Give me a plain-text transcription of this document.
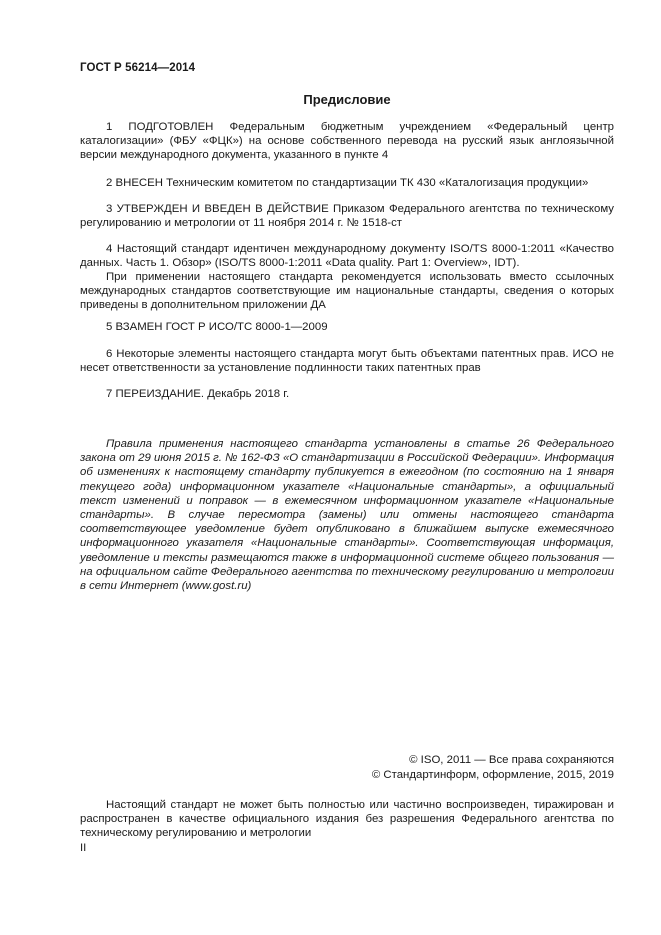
ГОСТ Р 56214—2014
Предисловие

1 ПОДГОТОВЛЕН Федеральным бюджетным учреждением «Федеральный центр каталогизации» (ФБУ «ФЦК») на основе собственного перевода на русский язык англоязычной версии международного документа, указанного в пункте 4

2 ВНЕСЕН Техническим комитетом по стандартизации ТК 430 «Каталогизация продукции»

3 УТВЕРЖДЕН И ВВЕДЕН В ДЕЙСТВИЕ Приказом Федерального агентства по техническому регулированию и метрологии от 11 ноября 2014 г. № 1518-ст

4 Настоящий стандарт идентичен международному документу ISO/TS 8000-1:2011 «Качество данных. Часть 1. Обзор» (ISO/TS 8000-1:2011 «Data quality. Part 1: Overview», IDT).

При применении настоящего стандарта рекомендуется использовать вместо ссылочных международных стандартов соответствующие им национальные стандарты, сведения о которых приведены в дополнительном приложении ДА

5 ВЗАМЕН ГОСТ Р ИСО/ТС 8000-1—2009

6 Некоторые элементы настоящего стандарта могут быть объектами патентных прав. ИСО не несет ответственности за установление подлинности таких патентных прав

7 ПЕРЕИЗДАНИЕ. Декабрь 2018 г.

Правила применения настоящего стандарта установлены в статье 26 Федерального закона от 29 июня 2015 г. № 162-ФЗ «О стандартизации в Российской Федерации». Информация об изменениях к настоящему стандарту публикуется в ежегодном (по состоянию на 1 января текущего года) информационном указателе «Национальные стандарты», а официальный текст изменений и поправок — в ежемесячном информационном указателе «Национальные стандарты». В случае пересмотра (замены) или отмены настоящего стандарта соответствующее уведомление будет опубликовано в ближайшем выпуске ежемесячного информационного указателя «Национальные стандарты». Соответствующая информация, уведомление и тексты размещаются также в информационной системе общего пользования — на официальном сайте Федерального агентства по техническому регулированию и метрологии в сети Интернет (www.gost.ru)

© ISO, 2011 — Все права сохраняются
© Стандартинформ, оформление, 2015, 2019

Настоящий стандарт не может быть полностью или частично воспроизведен, тиражирован и распространен в качестве официального издания без разрешения Федерального агентства по техническому регулированию и метрологии

II
